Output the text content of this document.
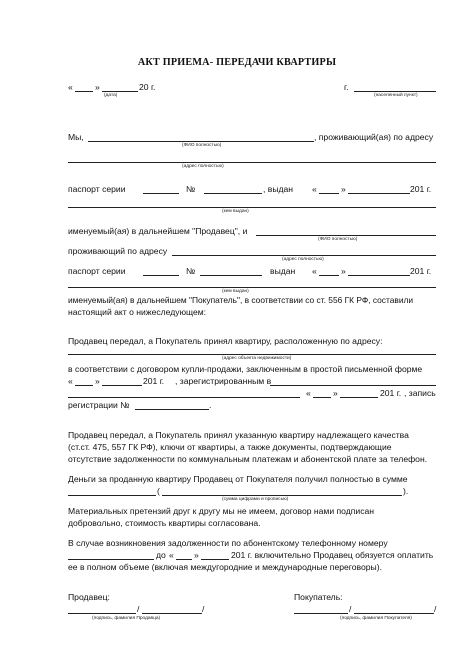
АКТ ПРИЕМА- ПЕРЕДАЧИ КВАРТИРЫ
«	»	20 г.
(дата)
г.
(населенный пункт)
Мы,	, проживающий(ая) по адресу
(ФИО полностью)
(адрес полностью)
паспорт серии	№	, выдан «	»	201 г.
(кем выдан)
именуемый(ая) в дальнейшем "Продавец", и
(ФИО полностью)
проживающий по адресу
(адрес полностью)
паспорт серии	№	выдан «	»	201 г.
(кем выдан)
именуемый(ая) в дальнейшем "Покупатель", в соответствии со ст. 556 ГК РФ, составили
настоящий акт о нижеследующем:
Продавец передал, а Покупатель принял квартиру, расположенную по адресу:
(адрес объекта недвижимости)
в соответствии с договором купли-продажи, заключенным в простой письменной форме
«	»	201 г. , зарегистрированным в
«	»	201 г. , запись
регистрации №	.
Продавец передал, а Покупатель принял указанную квартиру надлежащего качества
(ст.ст. 475, 557 ГК РФ), ключи от квартиры, а также документы, подтверждающие
отсутствие задолженности по коммунальным платежам и абонентской плате за телефон.
Деньги за проданную квартиру Продавец от Покупателя получил полностью в сумме
(	).
(сумма цифрами и прописью)
Материальных претензий друг к другу мы не имеем, договор нами подписан
добровольно, стоимость квартиры согласована.
В случае возникновения задолженности по абонентскому телефонному номеру
до « »	201 г. включительно Продавец обязуется оплатить
ее в полном объеме (включая междугородние и международные переговоры).
Продавец:
/	/
(подпись, фамилия Продавца)
Покупатель:
/	/
(подпись, фамилия Покупателя)
